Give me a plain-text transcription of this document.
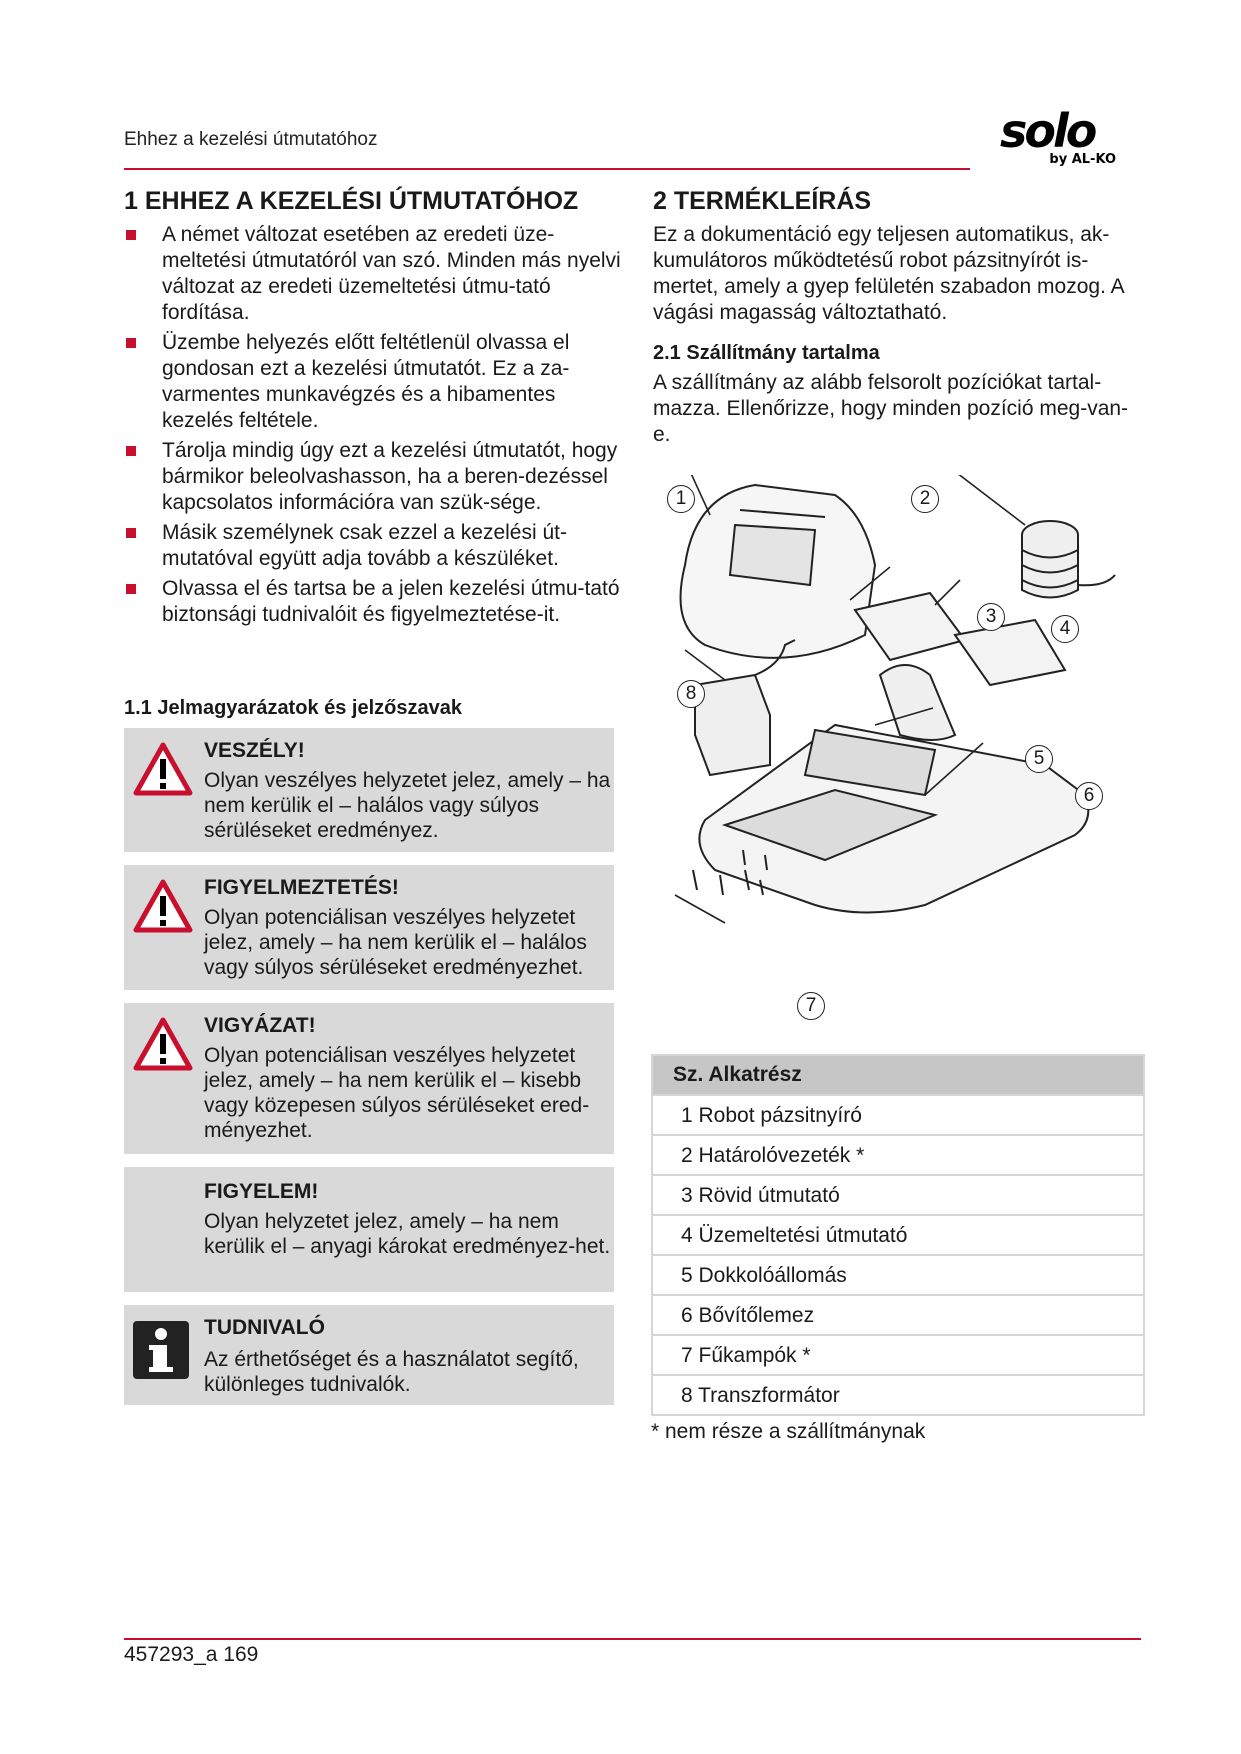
Ehhez a kezelési útmutatóhoz	solo
by AL-KO
1 EHHEZ A KEZELÉSI ÚTMUTATÓHOZ
A német változat esetében az eredeti üze-meltetési útmutatóról van szó. Minden más nyelvi változat az eredeti üzemeltetési útmu-tató fordítása.
Üzembe helyezés előtt feltétlenül olvassa el gondosan ezt a kezelési útmutatót. Ez a za-varmentes munkavégzés és a hibamentes kezelés feltétele.
Tárolja mindig úgy ezt a kezelési útmutatót, hogy bármikor beleolvashasson, ha a beren-dezéssel kapcsolatos információra van szük-sége.
Másik személynek csak ezzel a kezelési út-mutatóval együtt adja tovább a készüléket.
Olvassa el és tartsa be a jelen kezelési útmu-tató biztonsági tudnivalóit és figyelmeztetése-it.
1.1 Jelmagyarázatok és jelzőszavak
VESZÉLY!
Olyan veszélyes helyzetet jelez, amely – ha nem kerülik el – halálos vagy súlyos sérüléseket eredményez.
FIGYELMEZTETÉS!
Olyan potenciálisan veszélyes helyzetet jelez, amely – ha nem kerülik el – halálos vagy súlyos sérüléseket eredményezhet.
VIGYÁZAT!
Olyan potenciálisan veszélyes helyzetet jelez, amely – ha nem kerülik el – kisebb vagy közepesen súlyos sérüléseket ered-ményezhet.
FIGYELEM!
Olyan helyzetet jelez, amely – ha nem kerülik el – anyagi károkat eredményez-het.
TUDNIVALÓ
Az érthetőséget és a használatot segítő, különleges tudnivalók.
2 TERMÉKLEÍRÁS

Ez a dokumentáció egy teljesen automatikus, ak-kumulátoros működtetésű robot pázsitnyírót is-mertet, amely a gyep felületén szabadon mozog. A vágási magasság változtatható.

2.1 Szállítmány tartalma

A szállítmány az alább felsorolt pozíciókat tartal-mazza. Ellenőrizze, hogy minden pozíció meg-van-e.

1	2
3
4
5
6
7
8
Sz. Alkatrész
1 Robot pázsitnyíró
2 Határolóvezeték *
3 Rövid útmutató
4 Üzemeltetési útmutató
5 Dokkolóállomás
6 Bővítőlemez
7 Fűkampók *
8 Transzformátor
* nem része a szállítmánynak
457293_a 169
